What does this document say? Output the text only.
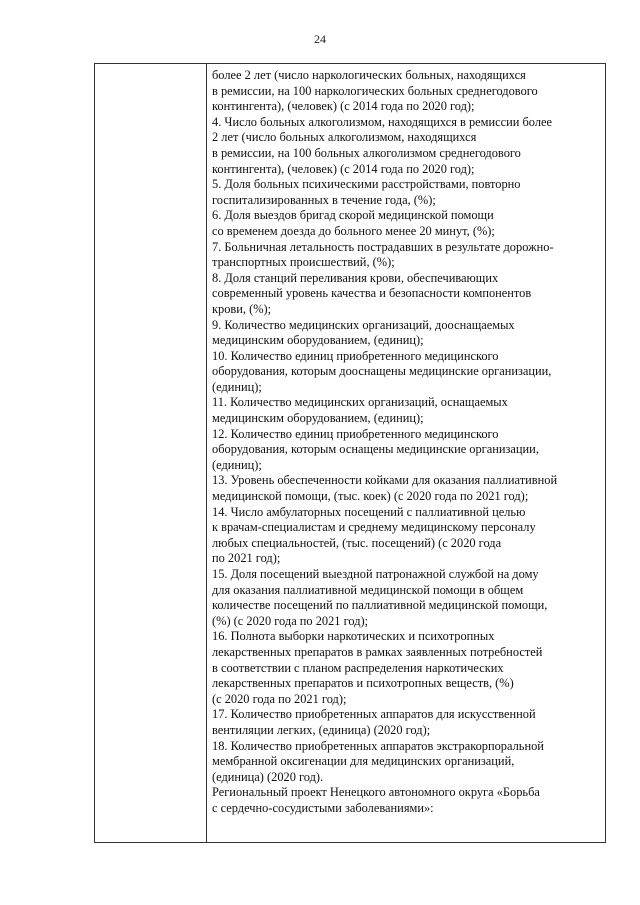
24
более 2 лет (число наркологических больных, находящихся
в ремиссии, на 100 наркологических больных среднегодового
контингента), (человек) (с 2014 года по 2020 год);
4. Число больных алкоголизмом, находящихся в ремиссии более
2 лет (число больных алкоголизмом, находящихся
в ремиссии, на 100 больных алкоголизмом среднегодового
контингента), (человек) (с 2014 года по 2020 год);
5. Доля больных психическими расстройствами, повторно
госпитализированных в течение года, (%);
6. Доля выездов бригад скорой медицинской помощи
со временем доезда до больного менее 20 минут, (%);
7. Больничная летальность пострадавших в результате дорожно-
транспортных происшествий, (%);
8. Доля станций переливания крови, обеспечивающих
современный уровень качества и безопасности компонентов
крови, (%);
9. Количество медицинских организаций, дооснащаемых
медицинским оборудованием, (единиц);
10. Количество единиц приобретенного медицинского
оборудования, которым дооснащены медицинские организации,
(единиц);
11. Количество медицинских организаций, оснащаемых
медицинским оборудованием, (единиц);
12. Количество единиц приобретенного медицинского
оборудования, которым оснащены медицинские организации,
(единиц);
13. Уровень обеспеченности койками для оказания паллиативной
медицинской помощи, (тыс. коек) (с 2020 года по 2021 год);
14. Число амбулаторных посещений с паллиативной целью
к врачам-специалистам и среднему медицинскому персоналу
любых специальностей, (тыс. посещений) (с 2020 года
по 2021 год);
15. Доля посещений выездной патронажной службой на дому
для оказания паллиативной медицинской помощи в общем
количестве посещений по паллиативной медицинской помощи,
(%) (с 2020 года по 2021 год);
16. Полнота выборки наркотических и психотропных
лекарственных препаратов в рамках заявленных потребностей
в соответствии с планом распределения наркотических
лекарственных препаратов и психотропных веществ, (%)
(с 2020 года по 2021 год);
17. Количество приобретенных аппаратов для искусственной
вентиляции легких, (единица) (2020 год);
18. Количество приобретенных аппаратов экстракорпоральной
мембранной оксигенации для медицинских организаций,
(единица) (2020 год).
Региональный проект Ненецкого автономного округа «Борьба
с сердечно-сосудистыми заболеваниями»:
